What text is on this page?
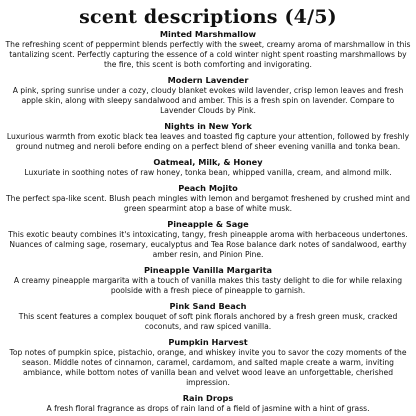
scent descriptions (4/5)
Minted Marshmallow
The refreshing scent of peppermint blends perfectly with the sweet, creamy aroma of marshmallow in this tantalizing scent. Perfectly capturing the essence of a cold winter night spent roasting marshmallows by the fire, this scent is both comforting and invigorating.
Modern Lavender
A pink, spring sunrise under a cozy, cloudy blanket evokes wild lavender, crisp lemon leaves and fresh apple skin, along with sleepy sandalwood and amber. This is a fresh spin on lavender. Compare to Lavender Clouds by Pink.
Nights in New York
Luxurious warmth from exotic black tea leaves and toasted fig capture your attention, followed by freshly ground nutmeg and neroli before ending on a perfect blend of sheer evening vanilla and tonka bean.
Oatmeal, Milk, & Honey
Luxuriate in soothing notes of raw honey, tonka bean, whipped vanilla, cream, and almond milk.
Peach Mojito
The perfect spa-like scent. Blush peach mingles with lemon and bergamot freshened by crushed mint and green spearmint atop a base of white musk.
Pineapple & Sage
This exotic beauty combines it's intoxicating, tangy, fresh pineapple aroma with herbaceous undertones. Nuances of calming sage, rosemary, eucalyptus and Tea Rose balance dark notes of sandalwood, earthy amber resin, and Pinion Pine.
Pineapple Vanilla Margarita
A creamy pineapple margarita with a touch of vanilla makes this tasty delight to die for while relaxing poolside with a fresh piece of pineapple to garnish.
Pink Sand Beach
This scent features a complex bouquet of soft pink florals anchored by a fresh green musk, cracked coconuts, and raw spiced vanilla.
Pumpkin Harvest
Top notes of pumpkin spice, pistachio, orange, and whiskey invite you to savor the cozy moments of the season. Middle notes of cinnamon, caramel, cardamom, and salted maple create a warm, inviting ambiance, while bottom notes of vanilla bean and velvet wood leave an unforgettable, cherished impression.
Rain Drops
A fresh floral fragrance as drops of rain land of a field of jasmine with a hint of grass.
